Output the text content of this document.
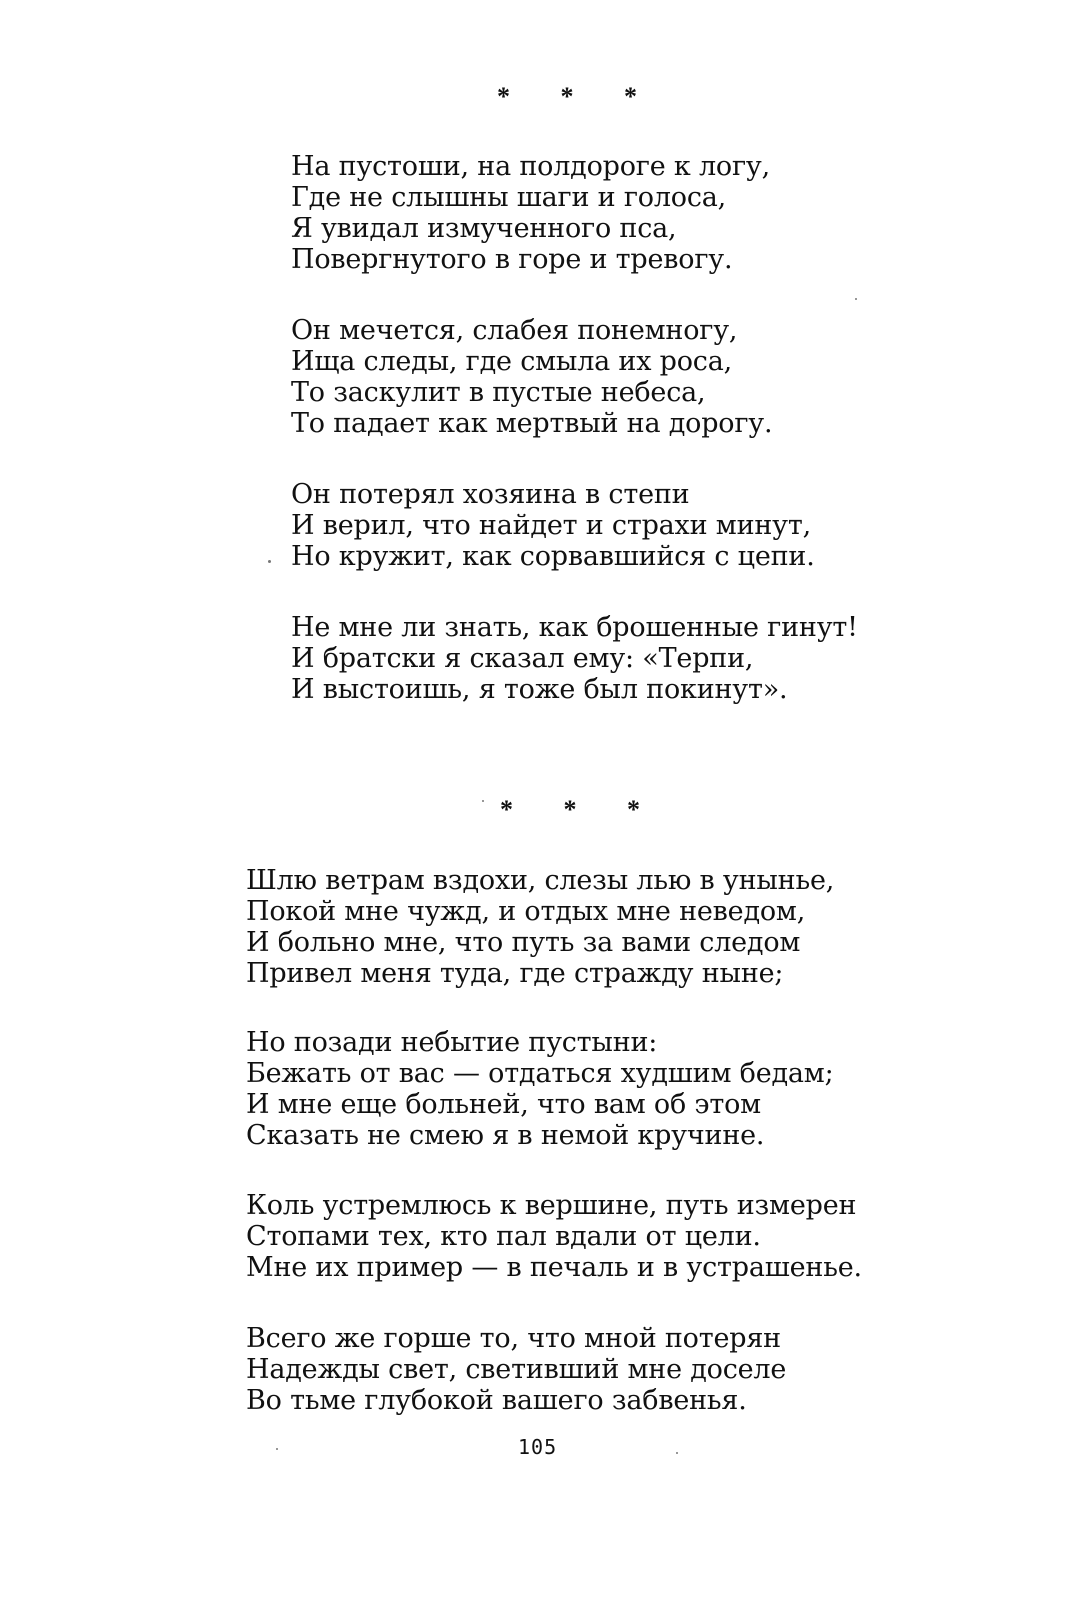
* * *
На пустоши, на полдороге к логу,
Где не слышны шаги и голоса,
Я увидал измученного пса,
Повергнутого в горе и тревогу.
Он мечется, слабея понемногу,
Ища следы, где смыла их роса,
То заскулит в пустые небеса,
То падает как мертвый на дорогу.
Он потерял хозяина в степи
И верил, что найдет и страхи минут,
Но кружит, как сорвавшийся с цепи.
Не мне ли знать, как брошенные гинут!
И братски я сказал ему: «Терпи,
И выстоишь, я тоже был покинут».
* * *
Шлю ветрам вздохи, слезы лью в уныньe,
Покой мне чужд, и отдых мне неведом,
И больно мне, что путь за вами следом
Привел меня туда, где стражду ныне;
Но позади небытие пустыни:
Бежать от вас — отдаться худшим бедам;
И мне еще больней, что вам об этом
Сказать не смею я в немой кручине.
Коль устремлюсь к вершине, путь измерен
Стопами тех, кто пал вдали от цели.
Мне их пример — в печаль и в устрашенье.
Всего же горше то, что мной потерян
Надежды свет, светивший мне доселе
Во тьме глубокой вашего забвенья.
105
